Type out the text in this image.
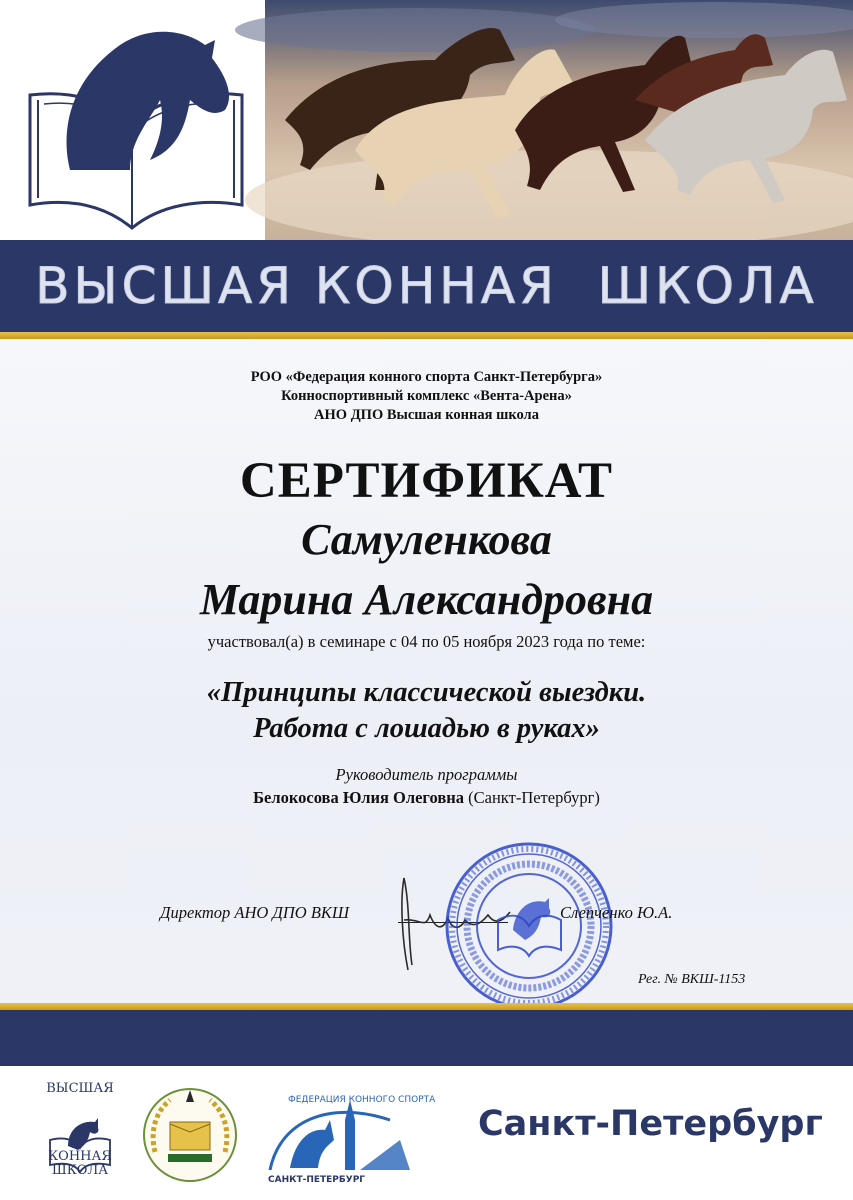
ВЫСШАЯ КОННАЯ  ШКОЛА
РОО «Федерация конного спорта Санкт-Петербурга»
Конноспортивный комплекс «Вента-Арена»
АНО ДПО Высшая конная школа
СЕРТИФИКАТ
Самуленкова
Марина Александровна
участвовал(а) в семинаре с 04 по 05 ноября 2023 года по теме:
«Принципы классической выездки.
Работа с лошадью в руках»
Руководитель программы
Белокосова Юлия Олеговна (Санкт-Петербург)
Директор АНО ДПО ВКШ	Слепченко Ю.А.
Рег. № ВКШ-1153
ВЫСШАЯ
КОННАЯ
ШКОЛА
САНКТ-ПЕТЕРБУРГ
ФЕДЕРАЦИЯ КОННОГО СПОРТА
Санкт-Петербург
